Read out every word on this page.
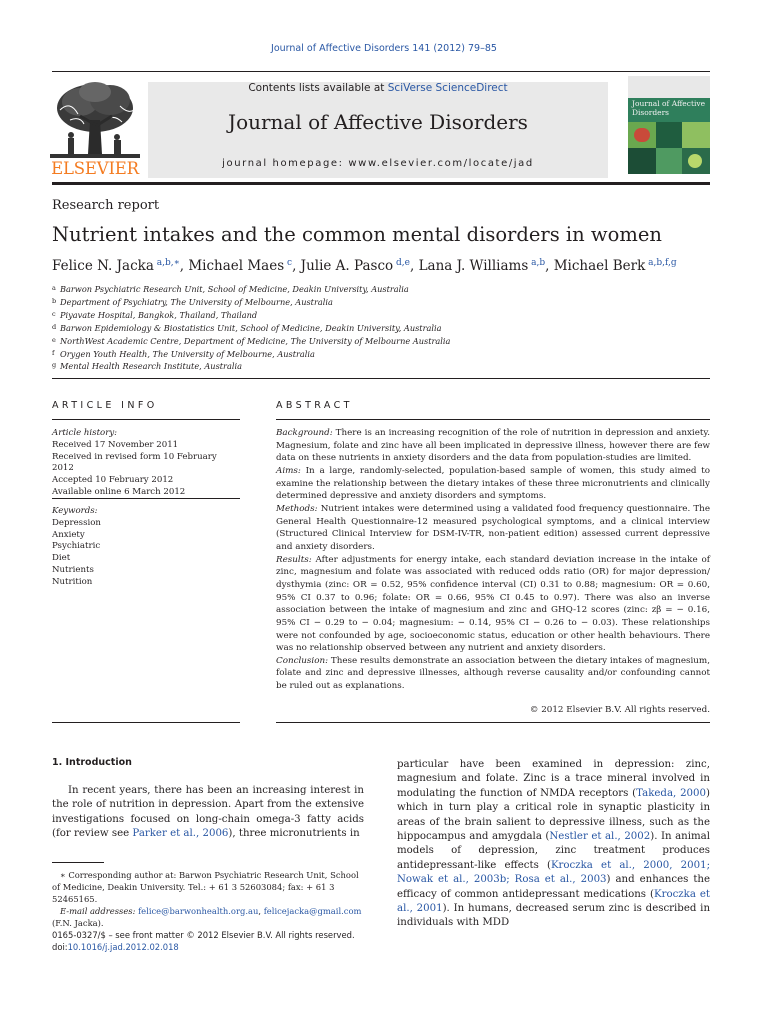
Journal of Affective Disorders 141 (2012) 79–85
ELSEVIER
Contents lists available at SciVerse ScienceDirect
Journal of Affective Disorders
journal homepage: www.elsevier.com/locate/jad
Journal of Affective Disorders
Research report
Nutrient intakes and the common mental disorders in women
Felice N. Jacka $^{a,b,∗}$, Michael Maes $^c$, Julie A. Pasco $^{d,e}$, Lana J. Williams $^{a,b}$, Michael Berk $^{a,b,f,g}$
a Barwon Psychiatric Research Unit, School of Medicine, Deakin University, Australia
b Department of Psychiatry, The University of Melbourne, Australia
c Piyavate Hospital, Bangkok, Thailand, Thailand
d Barwon Epidemiology & Biostatistics Unit, School of Medicine, Deakin University, Australia
e NorthWest Academic Centre, Department of Medicine, The University of Melbourne Australia
f Orygen Youth Health, The University of Melbourne, Australia
g Mental Health Research Institute, Australia
ARTICLE INFO
Article history:
Received 17 November 2011
Received in revised form 10 February 2012
Accepted 10 February 2012
Available online 6 March 2012
Keywords:
Depression
Anxiety
Psychiatric
Diet
Nutrients
Nutrition
ABSTRACT

Background: There is an increasing recognition of the role of nutrition in depression and anxiety. Magnesium, folate and zinc have all been implicated in depressive illness, however there are few data on these nutrients in anxiety disorders and the data from population-studies are limited.

Aims: In a large, randomly-selected, population-based sample of women, this study aimed to examine the relationship between the dietary intakes of these three micronutrients and clinically determined depressive and anxiety disorders and symptoms.

Methods: Nutrient intakes were determined using a validated food frequency questionnaire. The General Health Questionnaire-12 measured psychological symptoms, and a clinical interview (Structured Clinical Interview for DSM-IV-TR, non-patient edition) assessed current depressive and anxiety disorders.

Results: After adjustments for energy intake, each standard deviation increase in the intake of zinc, magnesium and folate was associated with reduced odds ratio (OR) for major depression/ dysthymia (zinc: OR = 0.52, 95% confidence interval (CI) 0.31 to 0.88; magnesium: OR = 0.60, 95% CI 0.37 to 0.96; folate: OR = 0.66, 95% CI 0.45 to 0.97). There was also an inverse association between the intake of magnesium and zinc and GHQ-12 scores (zinc: zβ = − 0.16, 95% CI − 0.29 to − 0.04; magnesium: − 0.14, 95% CI − 0.26 to − 0.03). These relationships were not confounded by age, socioeconomic status, education or other health behaviours. There was no relationship observed between any nutrient and anxiety disorders.

Conclusion: These results demonstrate an association between the dietary intakes of magnesium, folate and zinc and depressive illnesses, although reverse causality and/or confounding cannot be ruled out as explanations.

© 2012 Elsevier B.V. All rights reserved.
1. Introduction
In recent years, there has been an increasing interest in the role of nutrition in depression. Apart from the extensive investigations focused on long-chain omega-3 fatty acids (for review see Parker et al., 2006), three micronutrients in
particular have been examined in depression: zinc, magnesium and folate. Zinc is a trace mineral involved in modulating the function of NMDA receptors (Takeda, 2000) which in turn play a critical role in synaptic plasticity in areas of the brain salient to depressive illness, such as the hippocampus and amygdala (Nestler et al., 2002). In animal models of depression, zinc treatment produces antidepressant-like effects (Kroczka et al., 2000, 2001; Nowak et al., 2003b; Rosa et al., 2003) and enhances the efficacy of common antidepressant medications (Kroczka et al., 2001). In humans, decreased serum zinc is described in individuals with MDD
∗ Corresponding author at: Barwon Psychiatric Research Unit, School of Medicine, Deakin University. Tel.: + 61 3 52603084; fax: + 61 3 52465165.
E-mail addresses: felice@barwonhealth.org.au, felicejacka@gmail.com
(F.N. Jacka).
0165-0327/$ – see front matter © 2012 Elsevier B.V. All rights reserved.
doi:10.1016/j.jad.2012.02.018
